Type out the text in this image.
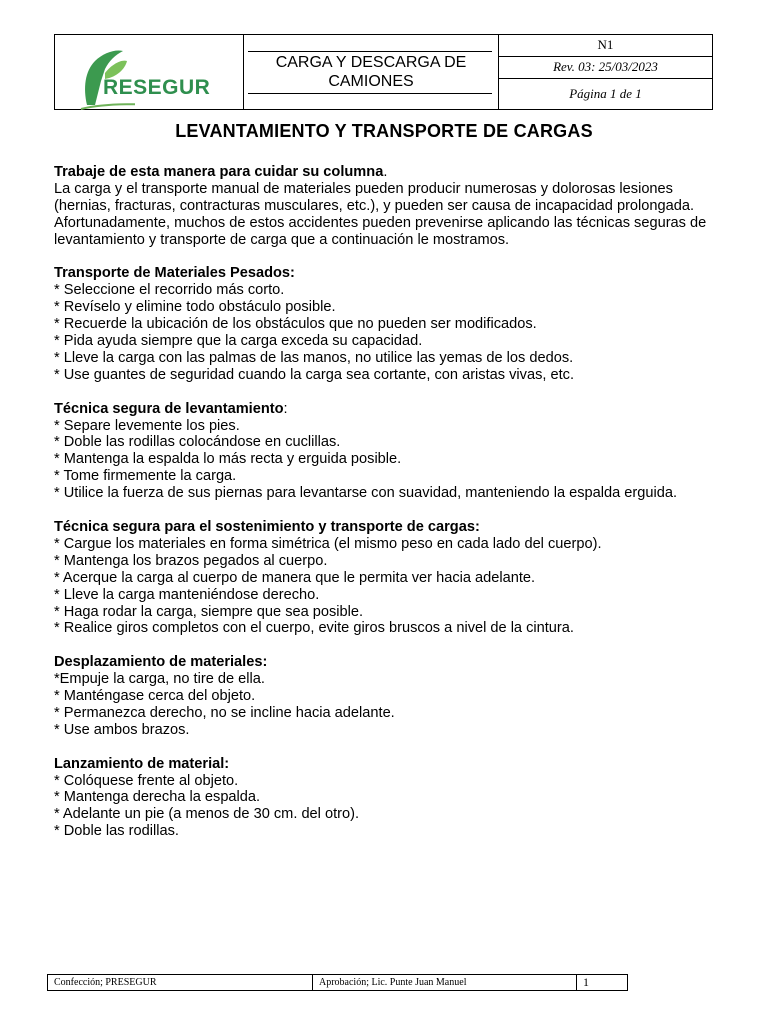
RESEGUR
CARGA Y DESCARGA DE
CAMIONES
N1
Rev. 03: 25/03/2023
Página 1 de 1
LEVANTAMIENTO Y TRANSPORTE DE CARGAS

Trabaje de esta manera para cuidar su columna.

La carga y el transporte manual de materiales pueden producir numerosas y dolorosas lesiones (hernias, fracturas, contracturas musculares, etc.), y pueden ser causa de incapacidad prolongada.

Afortunadamente, muchos de estos accidentes pueden prevenirse aplicando las técnicas seguras de levantamiento y transporte de carga que a continuación le mostramos.

Transporte de Materiales Pesados:

* Seleccione el recorrido más corto.

* Revíselo y elimine todo obstáculo posible.

* Recuerde la ubicación de los obstáculos que no pueden ser modificados.

* Pida ayuda siempre que la carga exceda su capacidad.

* Lleve la carga con las palmas de las manos, no utilice las yemas de los dedos.

* Use guantes de seguridad cuando la carga sea cortante, con aristas vivas, etc.

Técnica segura de levantamiento:

* Separe levemente los pies.

* Doble las rodillas colocándose en cuclillas.

* Mantenga la espalda lo más recta y erguida posible.

* Tome firmemente la carga.

* Utilice la fuerza de sus piernas para levantarse con suavidad, manteniendo la espalda erguida.

Técnica segura para el sostenimiento y transporte de cargas:

* Cargue los materiales en forma simétrica (el mismo peso en cada lado del cuerpo).

* Mantenga los brazos pegados al cuerpo.

* Acerque la carga al cuerpo de manera que le permita ver hacia adelante.

* Lleve la carga manteniéndose derecho.

* Haga rodar la carga, siempre que sea posible.

* Realice giros completos con el cuerpo, evite giros bruscos a nivel de la cintura.

Desplazamiento de materiales:

*Empuje la carga, no tire de ella.

* Manténgase cerca del objeto.

* Permanezca derecho, no se incline hacia adelante.

* Use ambos brazos.

Lanzamiento de material:

* Colóquese frente al objeto.

* Mantenga derecha la espalda.

* Adelante un pie (a menos de 30 cm. del otro).

* Doble las rodillas.

Confección; PRESEGUR	Aprobación; Lic. Punte Juan Manuel	1
